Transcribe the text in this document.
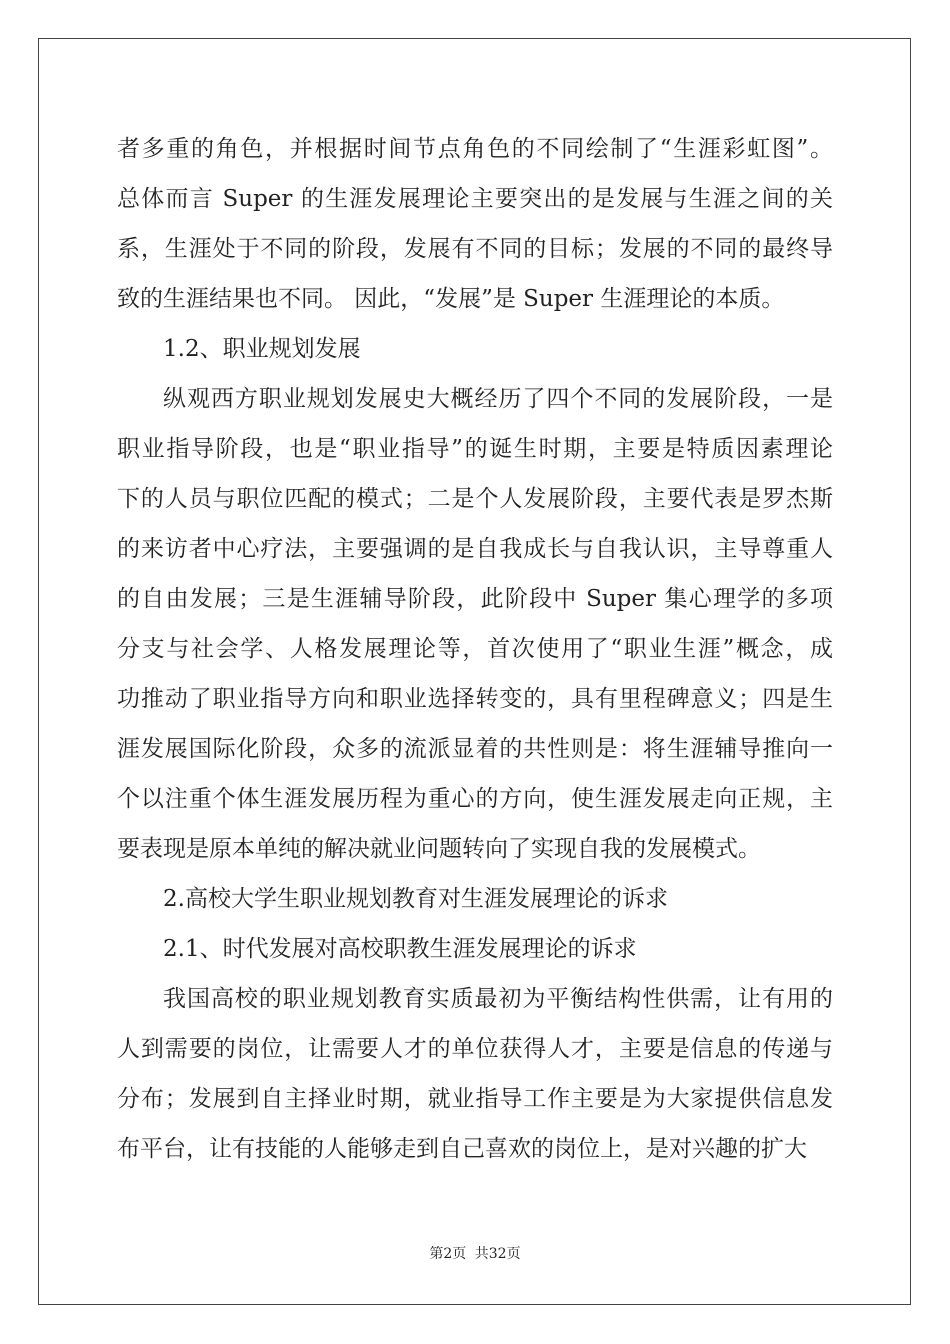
者多重的角色，并根据时间节点角色的不同绘制了“生涯彩虹图”。
总体而言 Super 的生涯发展理论主要突出的是发展与生涯之间的关
系，生涯处于不同的阶段，发展有不同的目标；发展的不同的最终导
致的生涯结果也不同。 因此，“发展”是 Super 生涯理论的本质。
1.2、职业规划发展
纵观西方职业规划发展史大概经历了四个不同的发展阶段，一是
职业指导阶段，也是“职业指导”的诞生时期，主要是特质因素理论
下的人员与职位匹配的模式；二是个人发展阶段，主要代表是罗杰斯
的来访者中心疗法，主要强调的是自我成长与自我认识，主导尊重人
的自由发展；三是生涯辅导阶段，此阶段中 Super 集心理学的多项
分支与社会学、人格发展理论等，首次使用了“职业生涯”概念，成
功推动了职业指导方向和职业选择转变的，具有里程碑意义；四是生
涯发展国际化阶段，众多的流派显着的共性则是：将生涯辅导推向一
个以注重个体生涯发展历程为重心的方向，使生涯发展走向正规，主
要表现是原本单纯的解决就业问题转向了实现自我的发展模式。
2.高校大学生职业规划教育对生涯发展理论的诉求
2.1、时代发展对高校职教生涯发展理论的诉求
我国高校的职业规划教育实质最初为平衡结构性供需，让有用的
人到需要的岗位，让需要人才的单位获得人才，主要是信息的传递与
分布；发展到自主择业时期，就业指导工作主要是为大家提供信息发
布平台，让有技能的人能够走到自己喜欢的岗位上，是对兴趣的扩大
第2页 共32页
